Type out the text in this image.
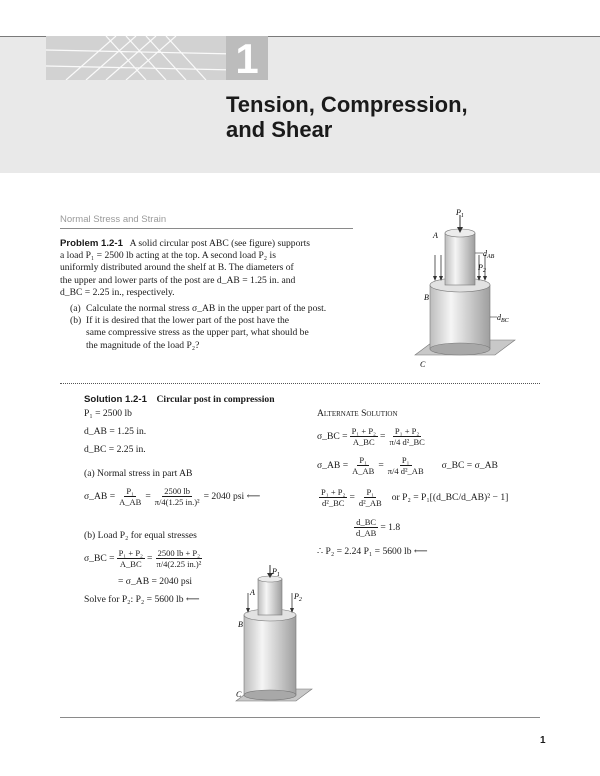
1
Tension, Compression,
and Shear
Normal Stress and Strain
Problem 1.2-1 A solid circular post ABC (see figure) supports
a load P₁ = 2500 lb acting at the top. A second load P₂ is
uniformly distributed around the shelf at B. The diameters of
the upper and lower parts of the post are d_AB = 1.25 in. and
d_BC = 2.25 in., respectively.
(a) Calculate the normal stress σ_AB in the upper part of the post.
(b) If it is desired that the lower part of the post have the
same compressive stress as the upper part, what should be
the magnitude of the load P₂?
$P_1$
A
$d_{AB}$
$P_2$
B
$d_{BC}$
C
Solution 1.2-1 Circular post in compression
P₁ = 2500 lb
d_AB = 1.25 in.
d_BC = 2.25 in.
(a) Normal stress in part AB
σ_AB = $\frac{\text{P₁}}{A\_AB} = \frac{2500 lb}{\text{π/4(1.25 in.)²}} = 2040$ psi ⟵
(b) Load P₂ for equal stresses
σ_BC = $\frac{\text{P₁ + P₂}}{A\_BC} = \frac{\text{2500 lb + P₂}}{\text{π/4(2.25 in.)²}}$
= σ_AB = 2040 psi
Solve for P₂: P₂ = 5600 lb ⟵
Alternate Solution
σ_BC = $\frac{\text{P₁ + P₂}}{A\_BC} = \frac{\text{P₁ + P₂}}{\text{π/4 d²\_BC}}$
σ_AB = $\frac{\text{P₁}}{A\_AB} = \frac{\text{P₁}}{\text{π/4 d²\_AB}}$ σ_BC = σ_AB
$\frac{\text{P₁ + P₂}}{\text{d²\_BC}} = \frac{\text{P₁}}{\text{d²\_AB}}$ or P₂ = P₁[(d_BC/d_AB)² − 1]
$\frac{d\_BC}{d\_AB} = 1.8$
∴ P₂ = 2.24 P₁ = 5600 lb ⟵
$P_1$
A	$P_2$
B
C
1
